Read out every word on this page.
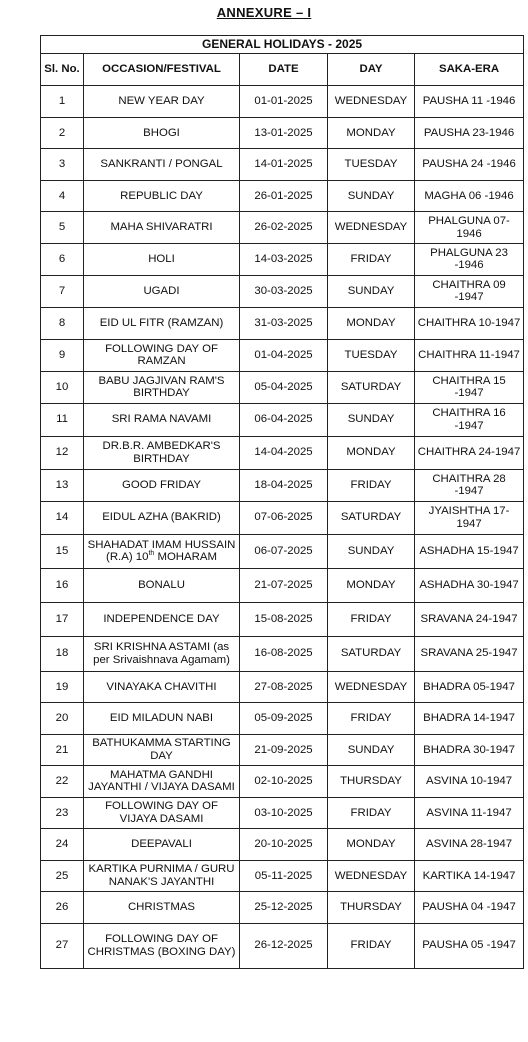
ANNEXURE – I
GENERAL HOLIDAYS - 2025				
Sl. No.	OCCASION/FESTIVAL	DATE	DAY	SAKA-ERA
1	NEW YEAR DAY	01-01-2025	WEDNESDAY	PAUSHA 11 -1946
2	BHOGI	13-01-2025	MONDAY	PAUSHA 23-1946
3	SANKRANTI / PONGAL	14-01-2025	TUESDAY	PAUSHA 24 -1946
4	REPUBLIC DAY	26-01-2025	SUNDAY	MAGHA 06 -1946
5	MAHA SHIVARATRI	26-02-2025	WEDNESDAY	PHALGUNA 07-1946
6	HOLI	14-03-2025	FRIDAY	PHALGUNA 23 -1946
7	UGADI	30-03-2025	SUNDAY	CHAITHRA 09 -1947
8	EID UL FITR (RAMZAN)	31-03-2025	MONDAY	CHAITHRA 10-1947
9	FOLLOWING DAY OF RAMZAN	01-04-2025	TUESDAY	CHAITHRA 11-1947
10	BABU JAGJIVAN RAM'S BIRTHDAY	05-04-2025	SATURDAY	CHAITHRA 15 -1947
11	SRI RAMA NAVAMI	06-04-2025	SUNDAY	CHAITHRA 16 -1947
12	DR.B.R. AMBEDKAR'S BIRTHDAY	14-04-2025	MONDAY	CHAITHRA 24-1947
13	GOOD FRIDAY	18-04-2025	FRIDAY	CHAITHRA 28 -1947
14	EIDUL AZHA (BAKRID)	07-06-2025	SATURDAY	JYAISHTHA 17-1947
15	SHAHADAT IMAM HUSSAIN (R.A) 10th MOHARAM	06-07-2025	SUNDAY	ASHADHA 15-1947
16	BONALU	21-07-2025	MONDAY	ASHADHA 30-1947
17	INDEPENDENCE DAY	15-08-2025	FRIDAY	SRAVANA 24-1947
18	SRI KRISHNA ASTAMI (as per Srivaishnava Agamam)	16-08-2025	SATURDAY	SRAVANA 25-1947
19	VINAYAKA CHAVITHI	27-08-2025	WEDNESDAY	BHADRA 05-1947
20	EID MILADUN NABI	05-09-2025	FRIDAY	BHADRA 14-1947
21	BATHUKAMMA STARTING DAY	21-09-2025	SUNDAY	BHADRA 30-1947
22	MAHATMA GANDHI JAYANTHI / VIJAYA DASAMI	02-10-2025	THURSDAY	ASVINA 10-1947
23	FOLLOWING DAY OF VIJAYA DASAMI	03-10-2025	FRIDAY	ASVINA 11-1947
24	DEEPAVALI	20-10-2025	MONDAY	ASVINA 28-1947
25	KARTIKA PURNIMA / GURU NANAK'S JAYANTHI	05-11-2025	WEDNESDAY	KARTIKA 14-1947
26	CHRISTMAS	25-12-2025	THURSDAY	PAUSHA 04 -1947
27	FOLLOWING DAY OF CHRISTMAS (BOXING DAY)	26-12-2025	FRIDAY	PAUSHA 05 -1947
